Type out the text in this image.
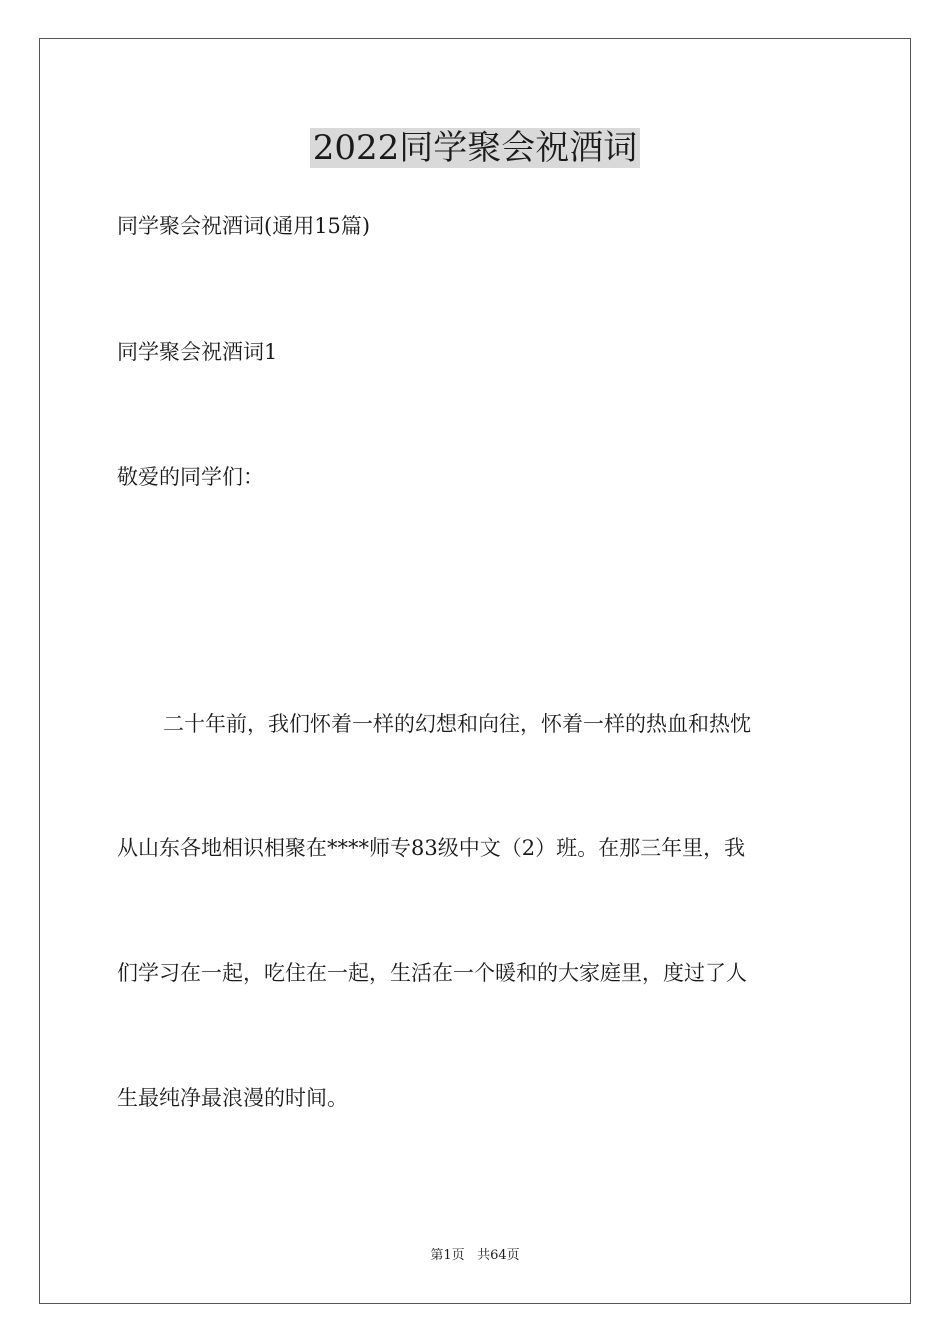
2022同学聚会祝酒词
同学聚会祝酒词(通用15篇)
同学聚会祝酒词1
敬爱的同学们：
二十年前，我们怀着一样的幻想和向往，怀着一样的热血和热忱
从山东各地相识相聚在****师专83级中文（2）班。在那三年里，我
们学习在一起，吃住在一起，生活在一个暖和的大家庭里，度过了人
生最纯净最浪漫的时间。
第1页 共64页
